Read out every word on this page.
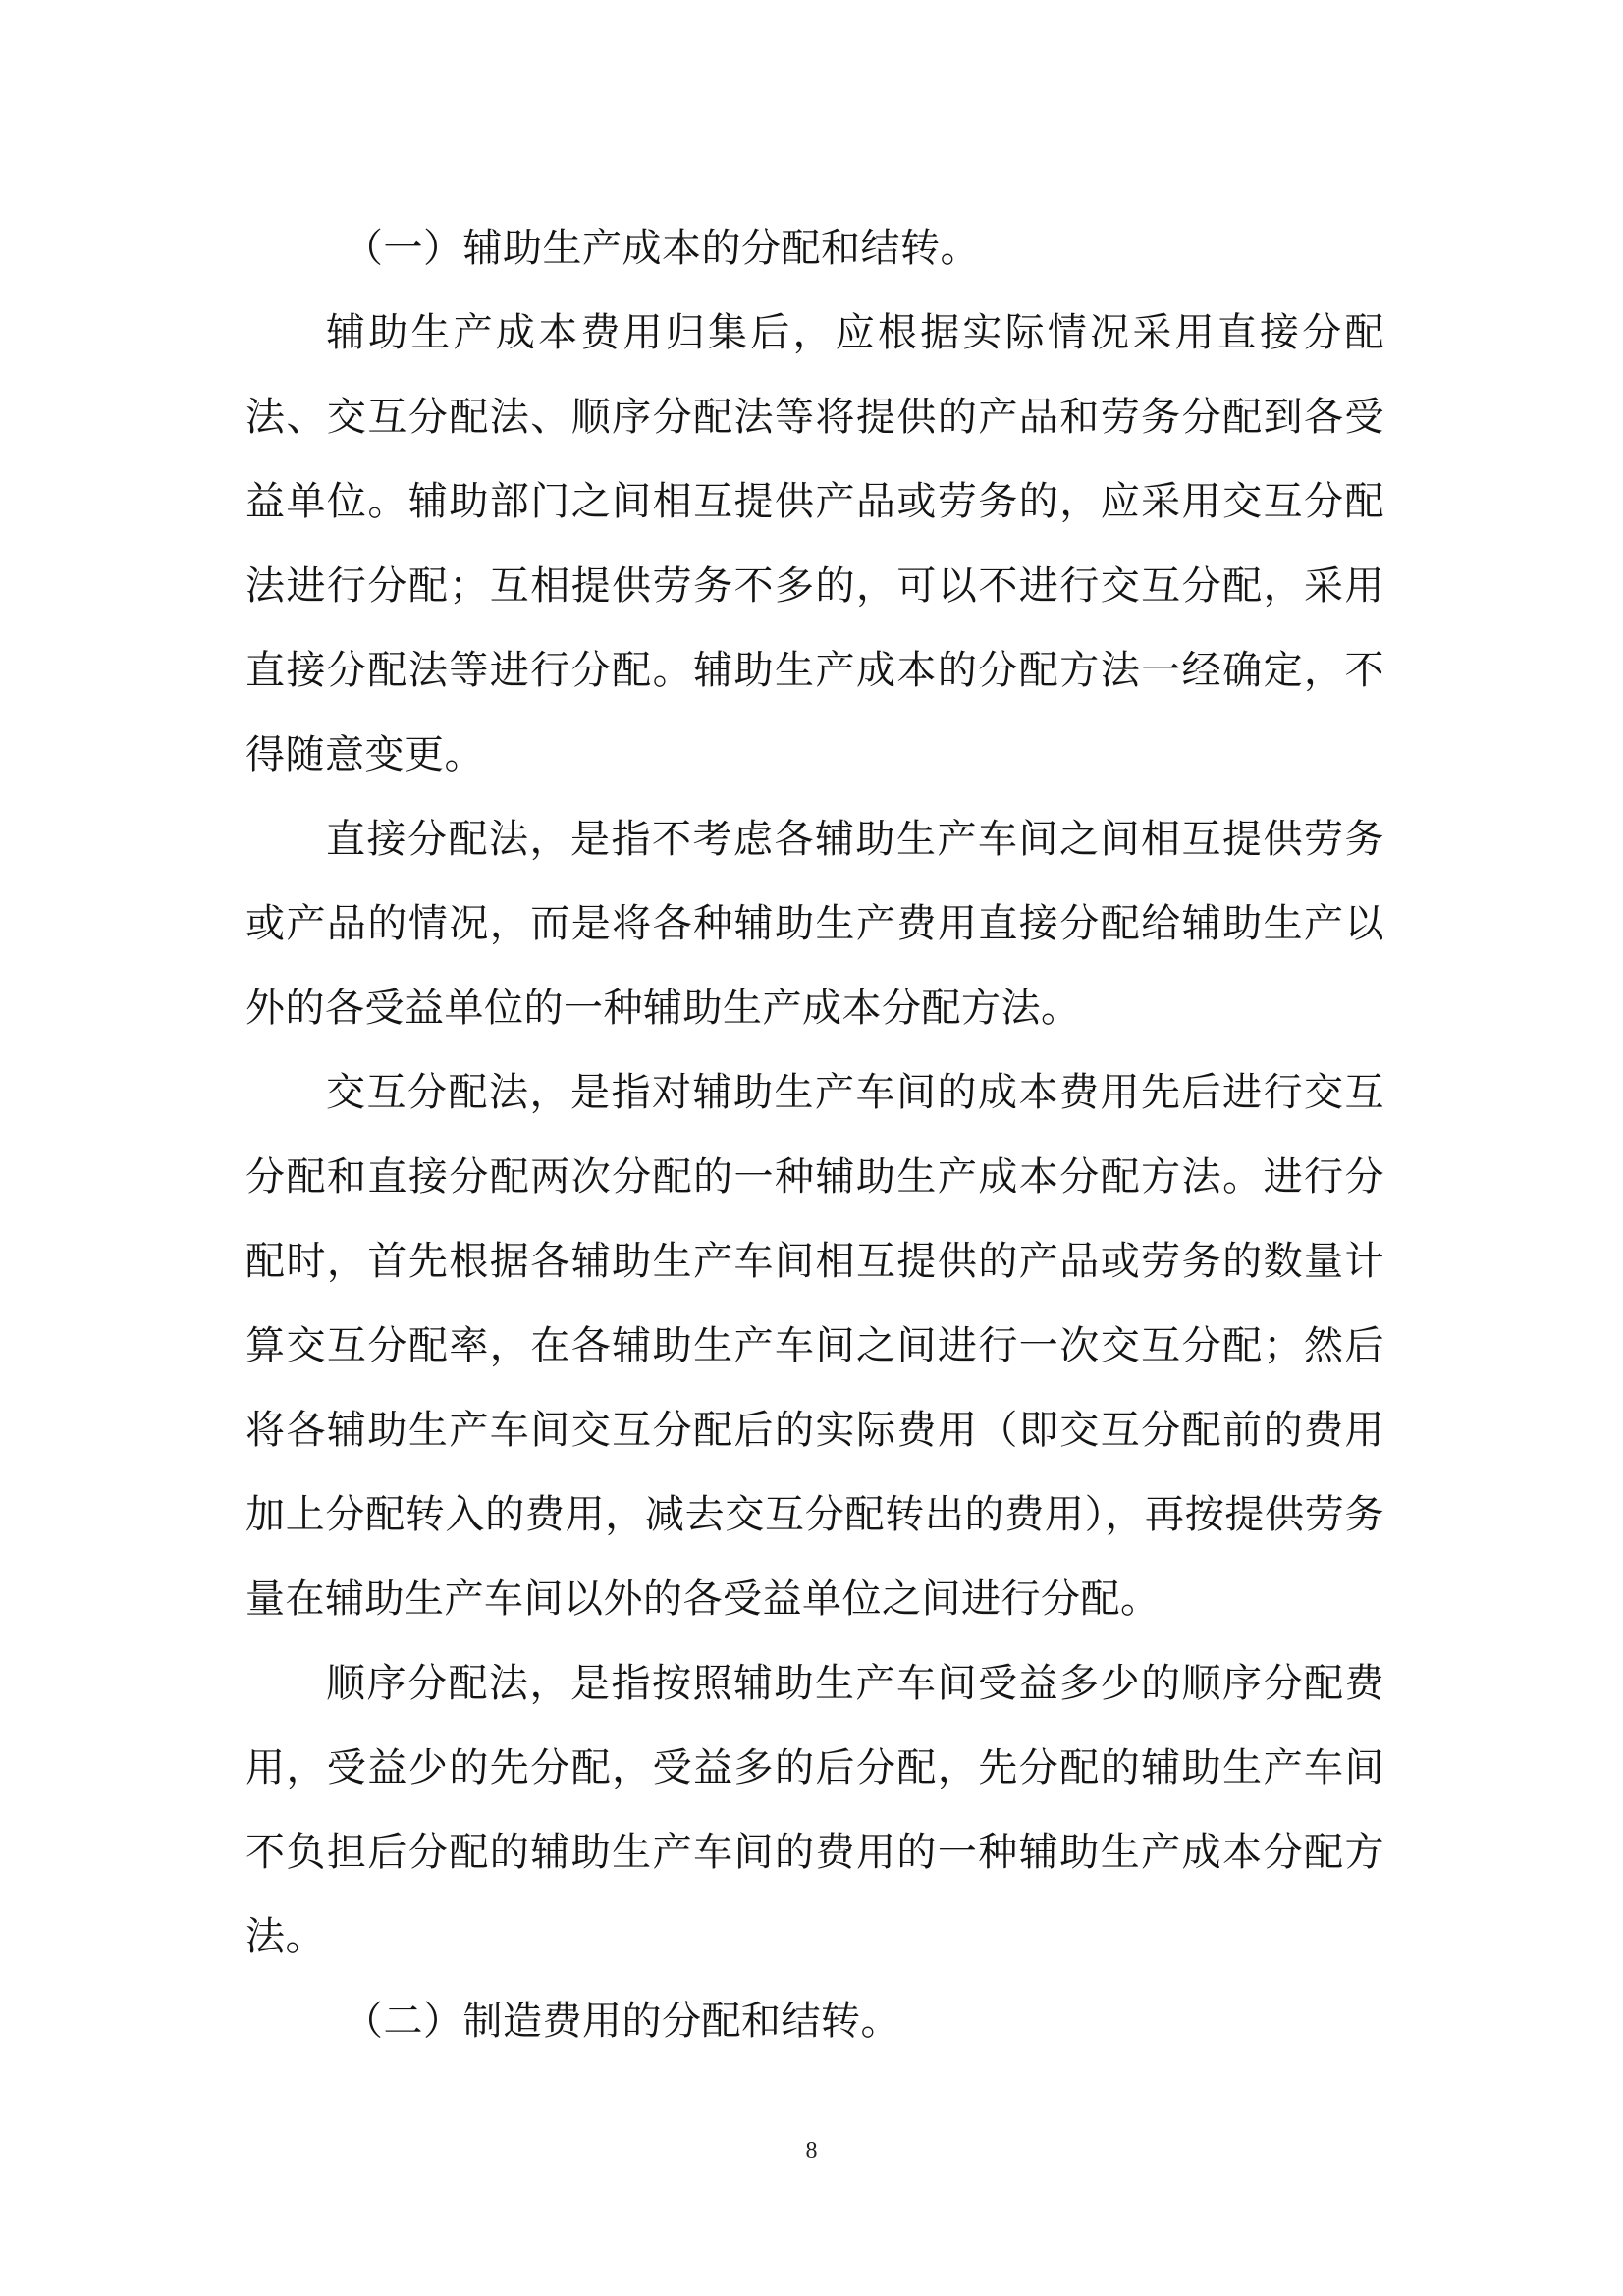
（一）辅助生产成本的分配和结转。

辅助生产成本费用归集后，应根据实际情况采用直接分配法、交互分配法、顺序分配法等将提供的产品和劳务分配到各受益单位。辅助部门之间相互提供产品或劳务的，应采用交互分配法进行分配；互相提供劳务不多的，可以不进行交互分配，采用直接分配法等进行分配。辅助生产成本的分配方法一经确定，不得随意变更。

直接分配法，是指不考虑各辅助生产车间之间相互提供劳务或产品的情况，而是将各种辅助生产费用直接分配给辅助生产以外的各受益单位的一种辅助生产成本分配方法。

交互分配法，是指对辅助生产车间的成本费用先后进行交互分配和直接分配两次分配的一种辅助生产成本分配方法。进行分配时，首先根据各辅助生产车间相互提供的产品或劳务的数量计算交互分配率，在各辅助生产车间之间进行一次交互分配；然后将各辅助生产车间交互分配后的实际费用（即交互分配前的费用加上分配转入的费用，减去交互分配转出的费用），再按提供劳务量在辅助生产车间以外的各受益单位之间进行分配。

顺序分配法，是指按照辅助生产车间受益多少的顺序分配费用，受益少的先分配，受益多的后分配，先分配的辅助生产车间不负担后分配的辅助生产车间的费用的一种辅助生产成本分配方法。

（二）制造费用的分配和结转。

8
